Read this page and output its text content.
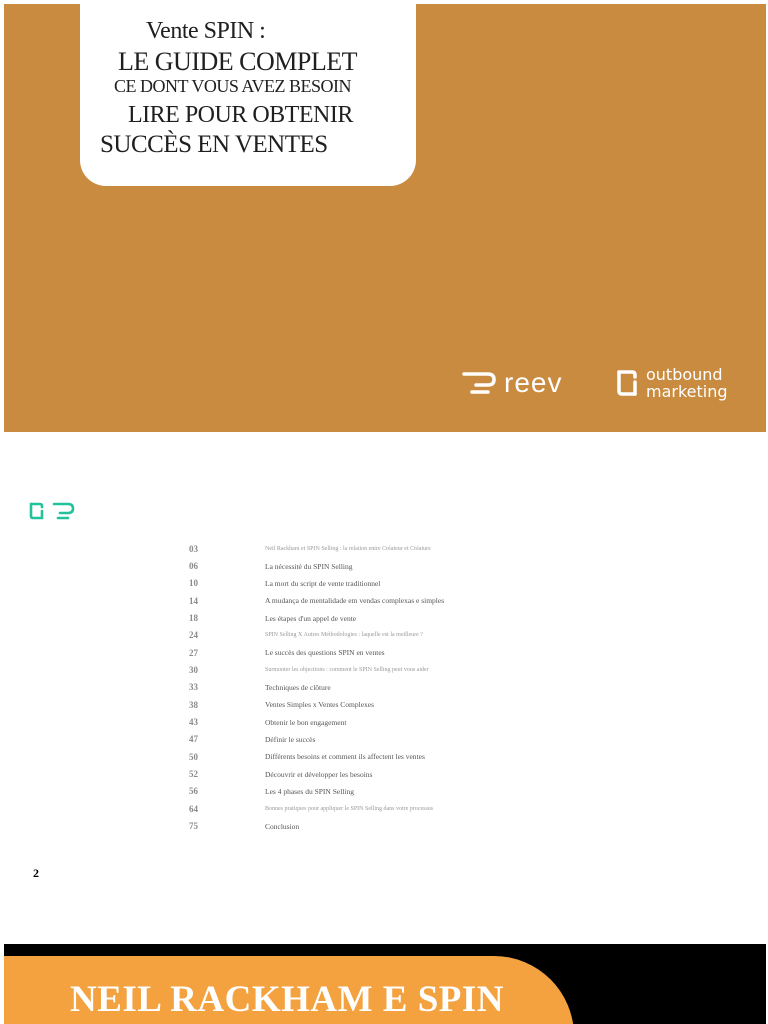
Vente SPIN :
LE GUIDE COMPLET
CE DONT VOUS AVEZ BESOIN
LIRE POUR OBTENIR
SUCCÈS EN VENTES
reev	outbound
marketing
03	Neil Rackham et SPIN Selling : la relation entre Créateur et Créature
06	La nécessité du SPIN Selling
10	La mort du script de vente traditionnel
14	A mudança de mentalidade em vendas complexas e simples
18	Les étapes d'un appel de vente
24	SPIN Selling X Autres Méthodologies : laquelle est la meilleure ?
27	Le succès des questions SPIN en ventes
30	Surmonter les objections : comment le SPIN Selling peut vous aider
33	Techniques de clôture
38	Ventes Simples x Ventes Complexes
43	Obtenir le bon engagement
47	Définir le succès
50	Différents besoins et comment ils affectent les ventes
52	Découvrir et développer les besoins
56	Les 4 phases du SPIN Selling
64	Bonnes pratiques pour appliquer le SPIN Selling dans votre processus
75	Conclusion
2
NEIL RACKHAM E SPIN
